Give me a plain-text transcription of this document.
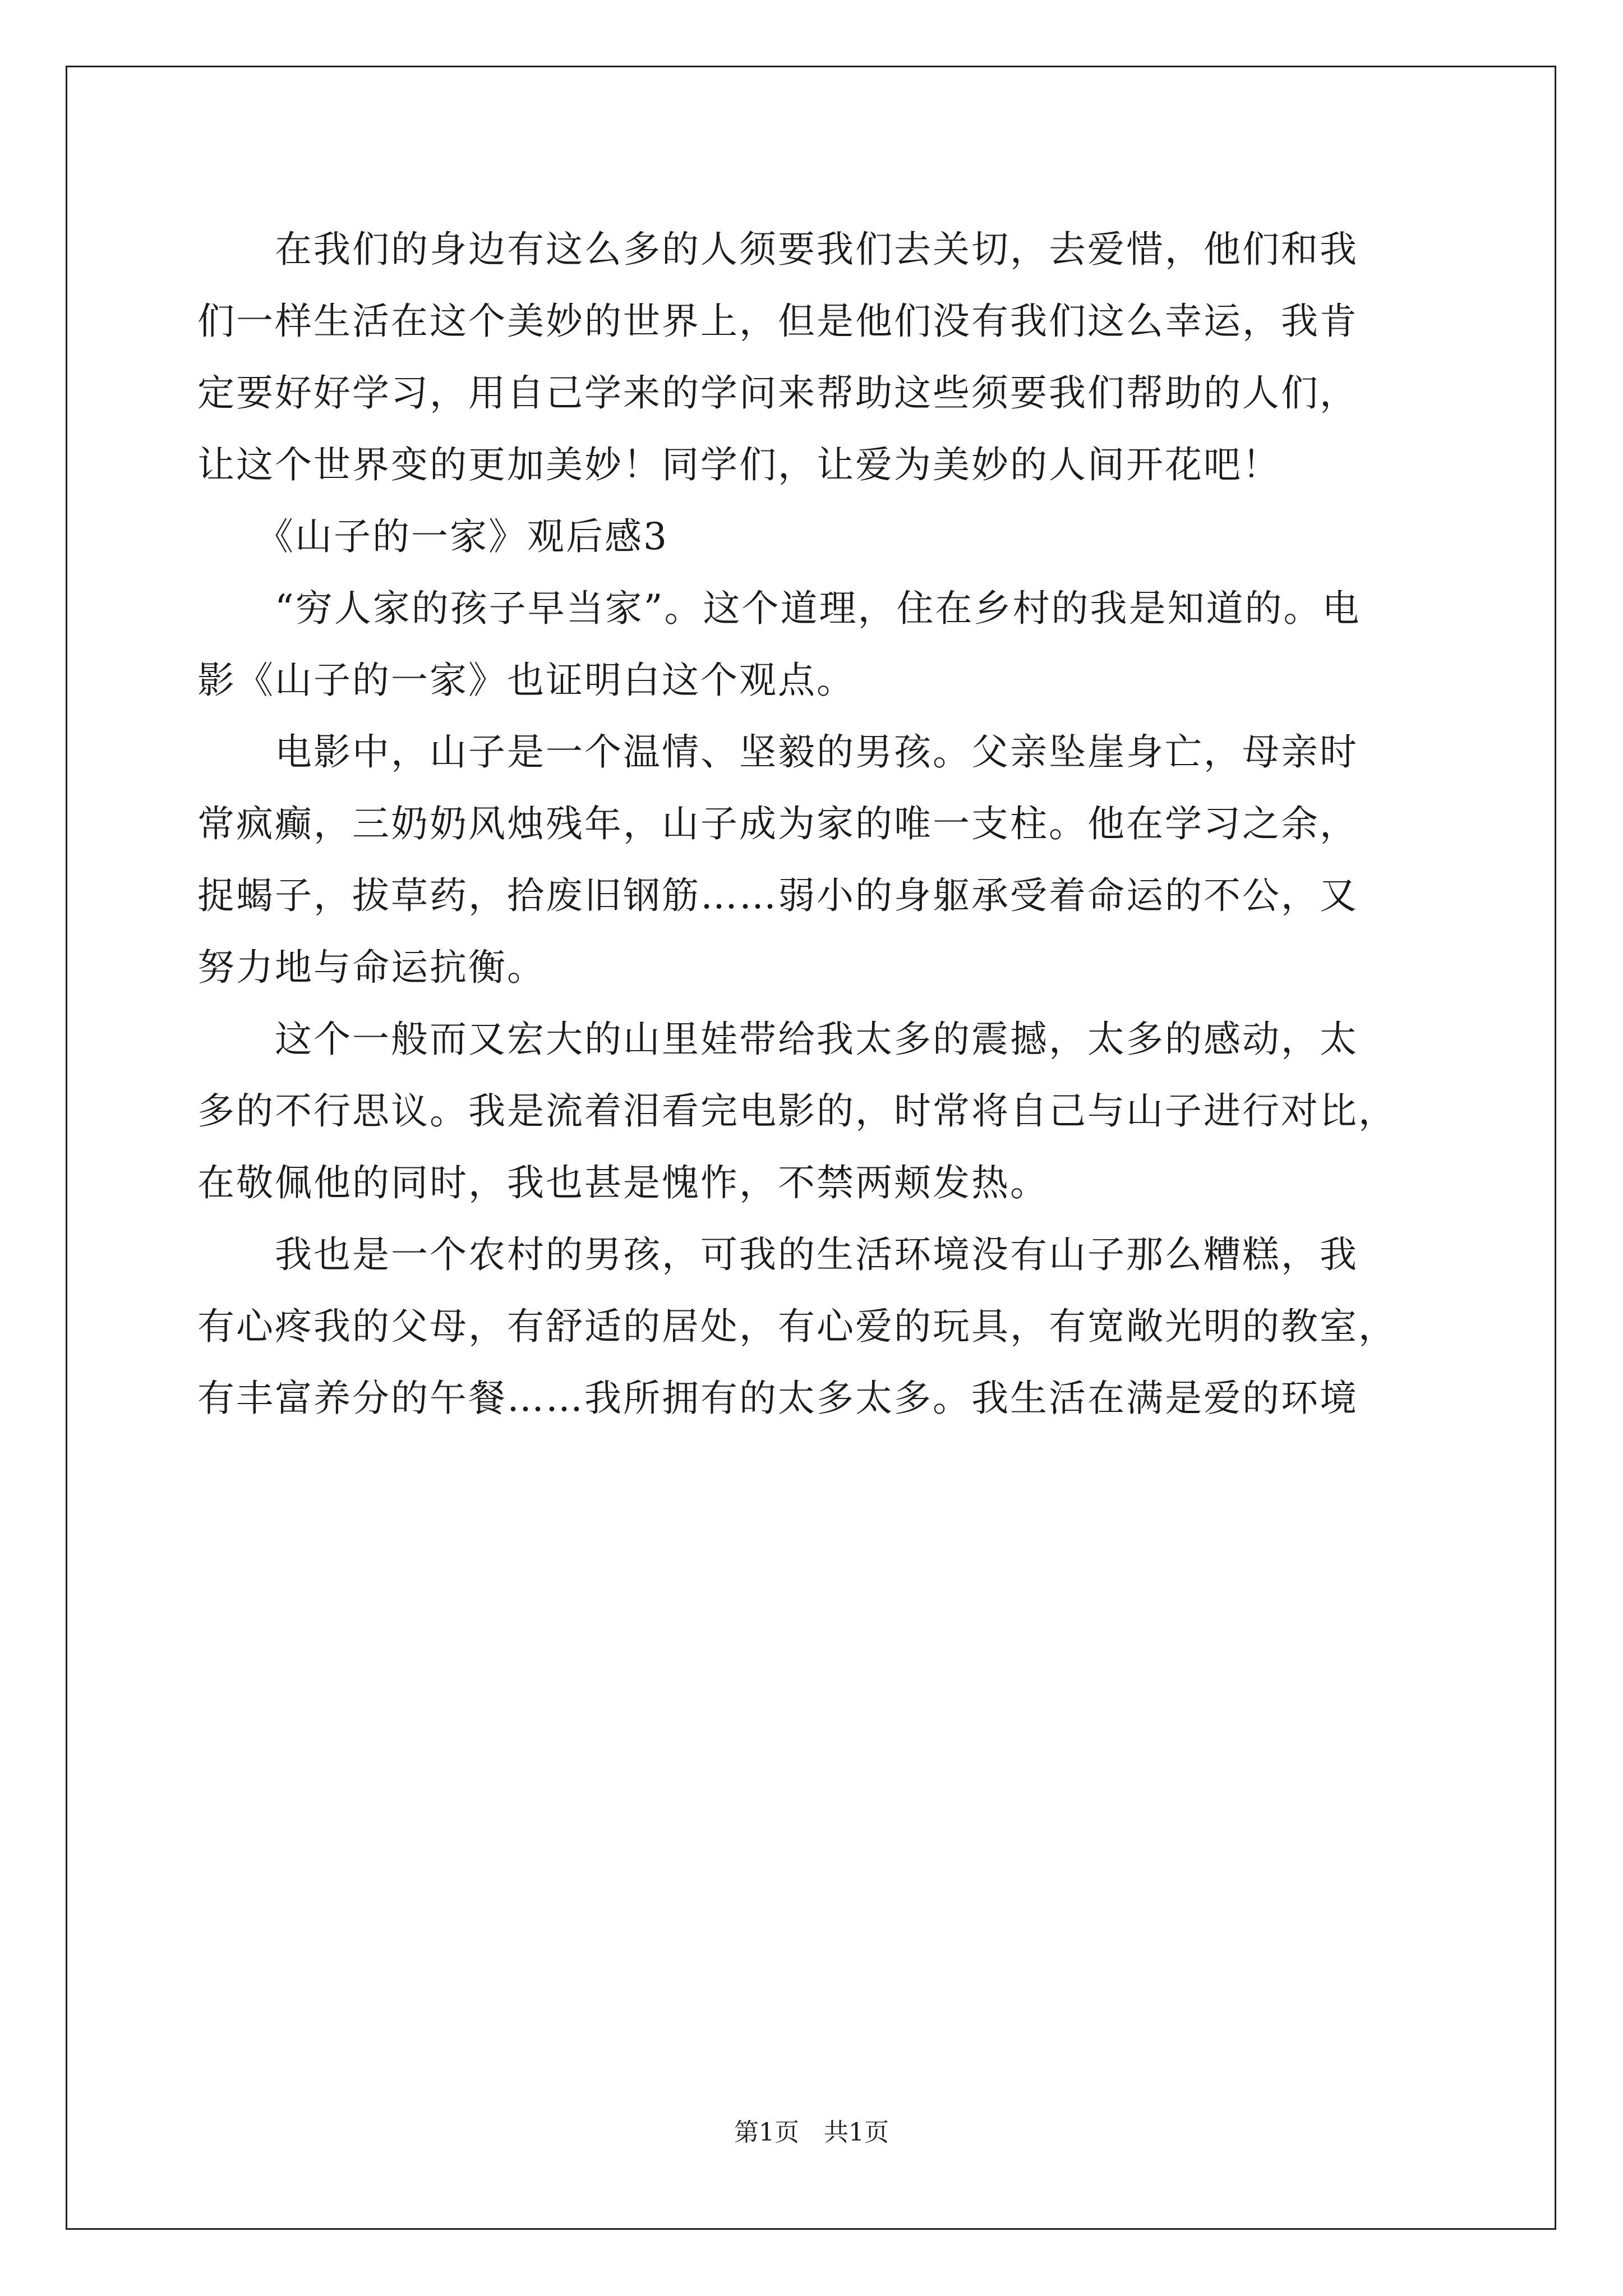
　　在我们的身边有这么多的人须要我们去关切，去爱惜，他们和我
们一样生活在这个美妙的世界上，但是他们没有我们这么幸运，我肯
定要好好学习，用自己学来的学问来帮助这些须要我们帮助的人们，
让这个世界变的更加美妙！同学们，让爱为美妙的人间开花吧！
　　《山子的一家》观后感3
　　“穷人家的孩子早当家”。这个道理，住在乡村的我是知道的。电
影《山子的一家》也证明白这个观点。
　　电影中，山子是一个温情、坚毅的男孩。父亲坠崖身亡，母亲时
常疯癫，三奶奶风烛残年，山子成为家的唯一支柱。他在学习之余，
捉蝎子，拔草药，拾废旧钢筋……弱小的身躯承受着命运的不公，又
努力地与命运抗衡。
　　这个一般而又宏大的山里娃带给我太多的震撼，太多的感动，太
多的不行思议。我是流着泪看完电影的，时常将自己与山子进行对比，
在敬佩他的同时，我也甚是愧怍，不禁两颊发热。
　　我也是一个农村的男孩，可我的生活环境没有山子那么糟糕，我
有心疼我的父母，有舒适的居处，有心爱的玩具，有宽敞光明的教室，
有丰富养分的午餐……我所拥有的太多太多。我生活在满是爱的环境
第1页　共1页
